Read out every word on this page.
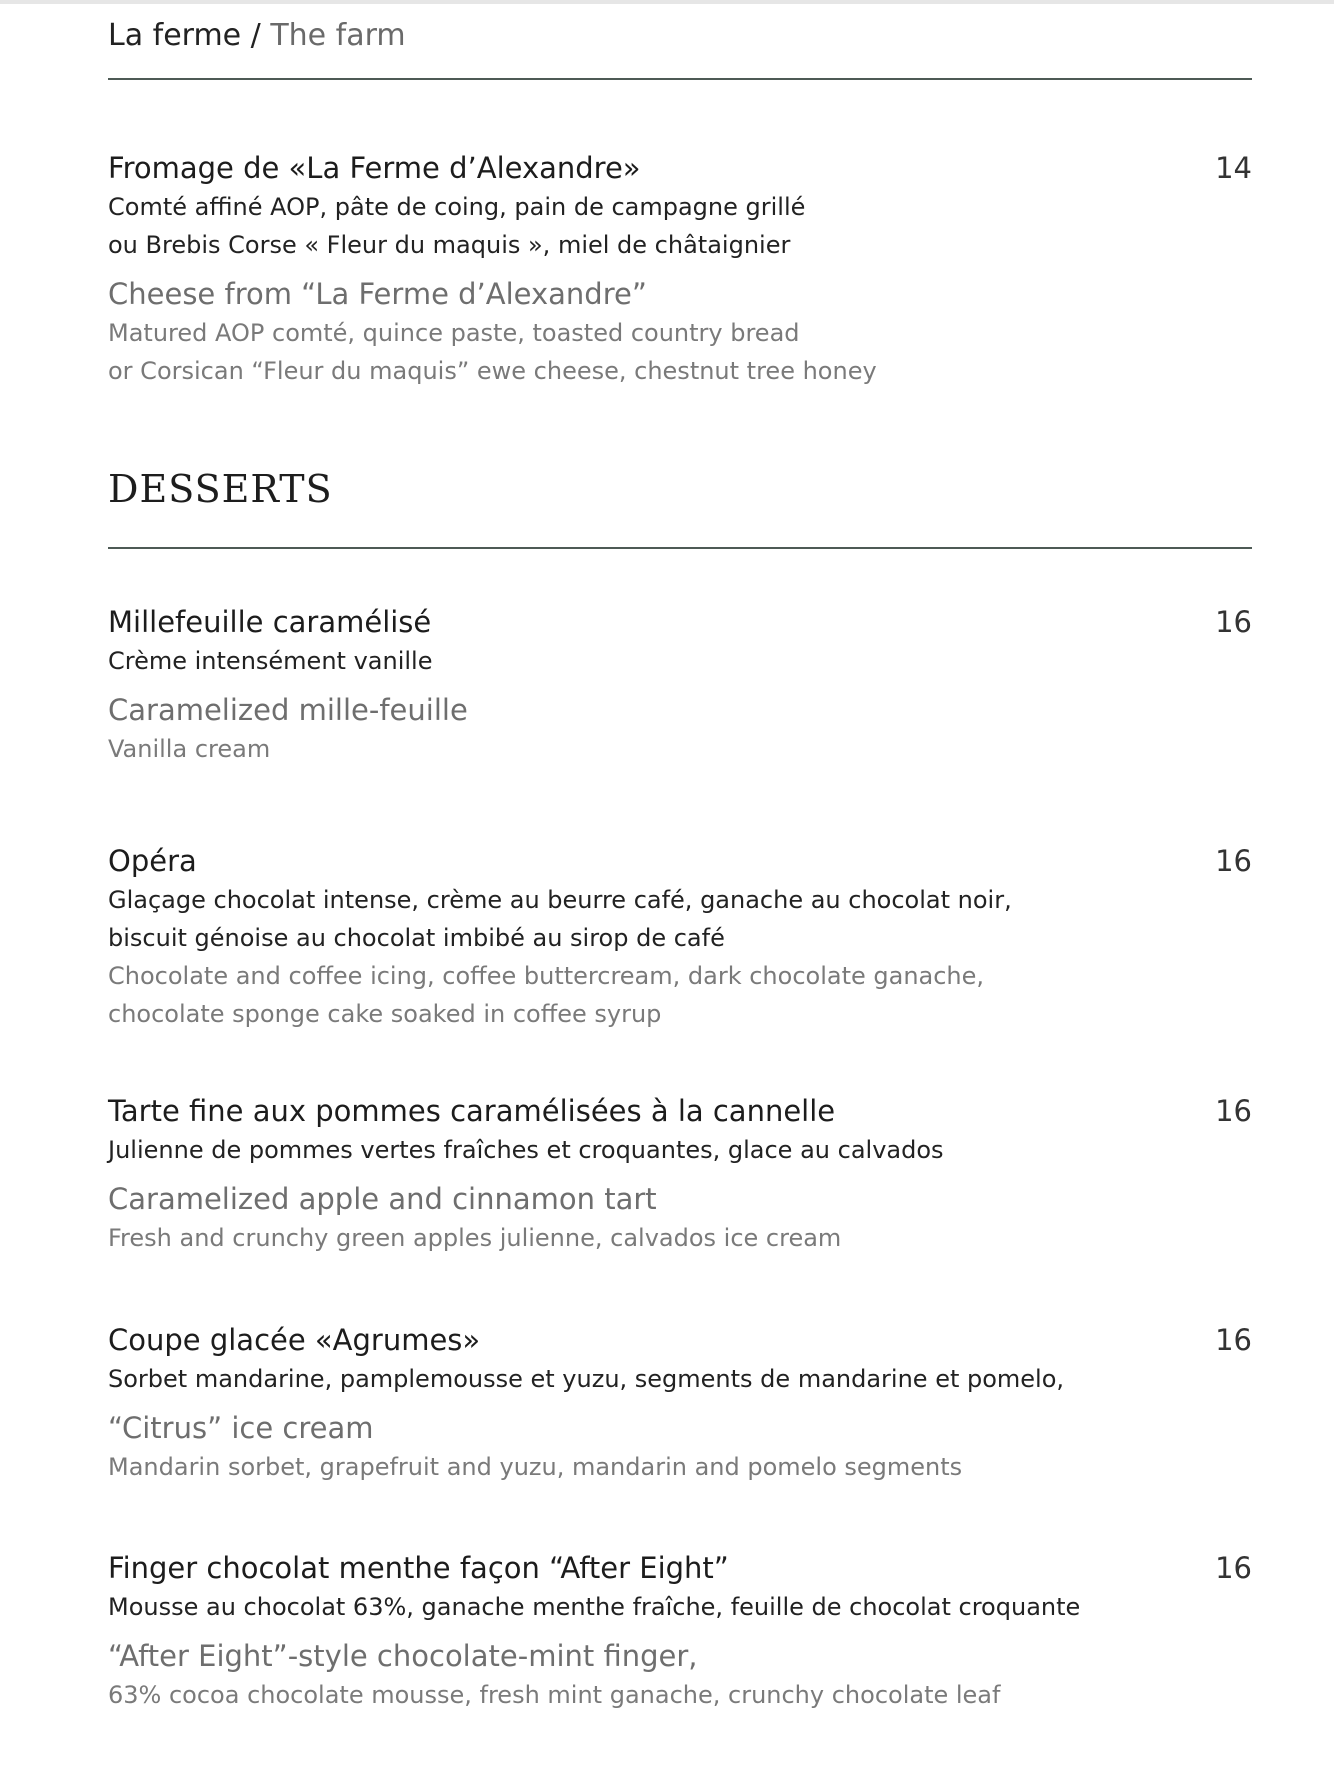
La ferme / The farm
Fromage de «La Ferme d’Alexandre»	14
Comté affiné AOP, pâte de coing, pain de campagne grillé
ou Brebis Corse « Fleur du maquis », miel de châtaignier
Cheese from “La Ferme d’Alexandre”
Matured AOP comté, quince paste, toasted country bread
or Corsican “Fleur du maquis” ewe cheese, chestnut tree honey
DESSERTS
Millefeuille caramélisé	16
Crème intensément vanille
Caramelized mille-feuille
Vanilla cream
Opéra	16
Glaçage chocolat intense, crème au beurre café, ganache au chocolat noir,
biscuit génoise au chocolat imbibé au sirop de café
Chocolate and coffee icing, coffee buttercream, dark chocolate ganache,
chocolate sponge cake soaked in coffee syrup
Tarte fine aux pommes caramélisées à la cannelle	16
Julienne de pommes vertes fraîches et croquantes, glace au calvados
Caramelized apple and cinnamon tart
Fresh and crunchy green apples julienne, calvados ice cream
Coupe glacée «Agrumes»	16
Sorbet mandarine, pamplemousse et yuzu, segments de mandarine et pomelo,
“Citrus” ice cream
Mandarin sorbet, grapefruit and yuzu, mandarin and pomelo segments
Finger chocolat menthe façon “After Eight”	16
Mousse au chocolat 63%, ganache menthe fraîche, feuille de chocolat croquante
“After Eight”-style chocolate-mint finger,
63% cocoa chocolate mousse, fresh mint ganache, crunchy chocolate leaf
